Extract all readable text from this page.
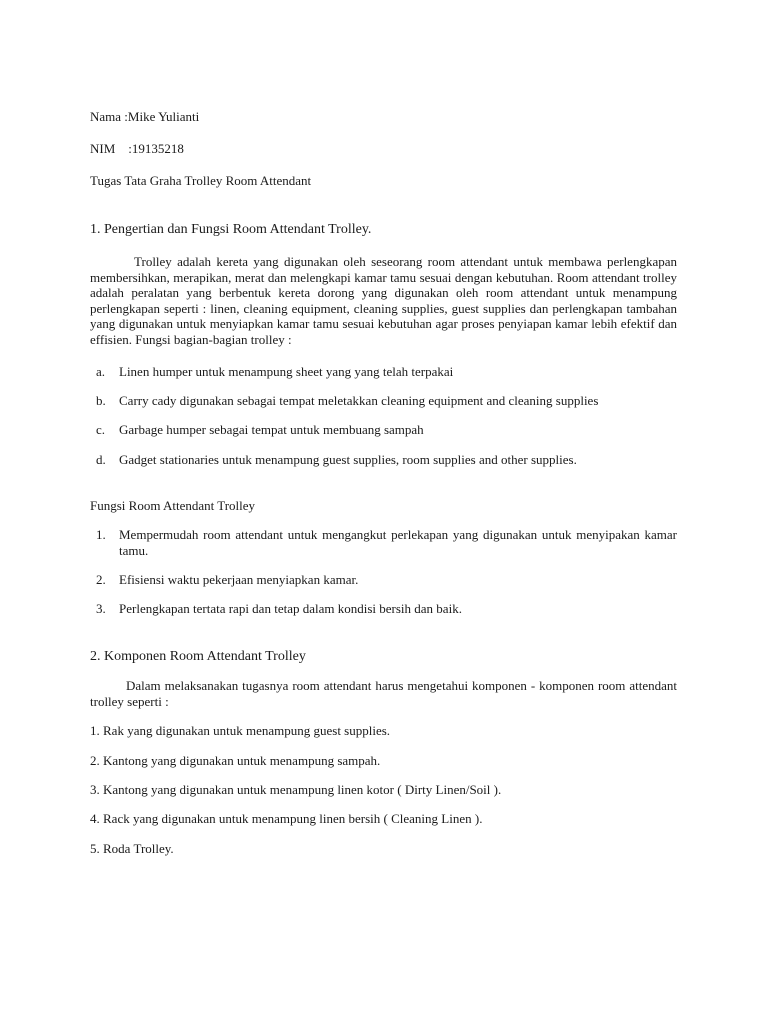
Nama :Mike Yulianti
NIM    :19135218
Tugas Tata Graha Trolley Room Attendant
1. Pengertian dan Fungsi Room Attendant Trolley.
Trolley adalah kereta yang digunakan oleh seseorang room attendant untuk membawa perlengkapan membersihkan, merapikan, merat dan melengkapi kamar tamu sesuai dengan kebutuhan. Room attendant trolley adalah peralatan yang berbentuk kereta dorong yang digunakan oleh room attendant untuk menampung perlengkapan seperti : linen, cleaning equipment, cleaning supplies, guest supplies dan perlengkapan tambahan yang digunakan untuk menyiapkan kamar tamu sesuai kebutuhan agar proses penyiapan kamar lebih efektif dan effisien. Fungsi bagian-bagian trolley :
a. Linen humper untuk menampung sheet yang yang telah terpakai
b. Carry cady digunakan sebagai tempat meletakkan cleaning equipment and cleaning supplies
c. Garbage humper sebagai tempat untuk membuang sampah
d. Gadget stationaries untuk menampung guest supplies, room supplies and other supplies.
Fungsi Room Attendant Trolley
1. Mempermudah room attendant untuk mengangkut perlekapan yang digunakan untuk menyipakan kamar tamu.
2. Efisiensi waktu pekerjaan menyiapkan kamar.
3. Perlengkapan tertata rapi dan tetap dalam kondisi bersih dan baik.
2. Komponen Room Attendant Trolley
Dalam melaksanakan tugasnya room attendant harus mengetahui komponen - komponen room attendant trolley seperti :
1. Rak yang digunakan untuk menampung guest supplies.
2. Kantong yang digunakan untuk menampung sampah.
3. Kantong yang digunakan untuk menampung linen kotor ( Dirty Linen/Soil ).
4. Rack yang digunakan untuk menampung linen bersih ( Cleaning Linen ).
5. Roda Trolley.
